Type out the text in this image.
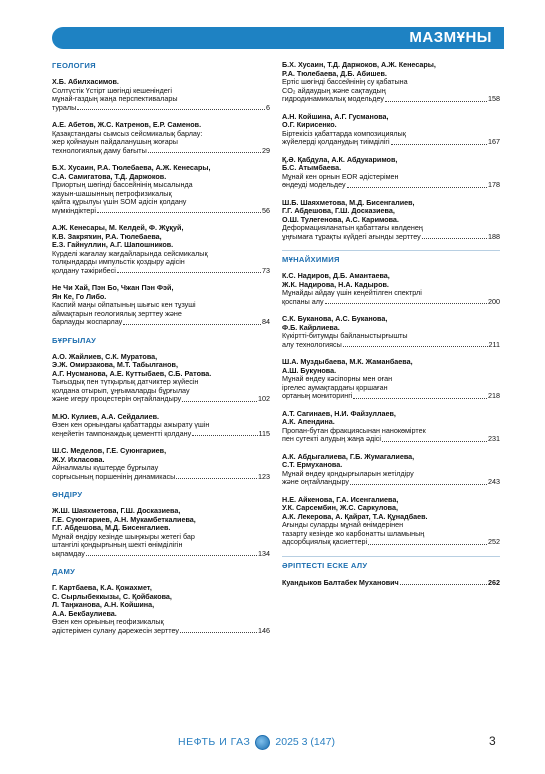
МАЗМҰНЫ
ГЕОЛОГИЯ
Х.Б. Абилхасимов.
Солтүстік Үстірт шөгінді кешеніндегі
мұнай-газдың жаңа перспективалары
туралы	6
А.Е. Абетов, Ж.С. Катренов, Е.Р. Саменов.
Қазақстандағы сымсыз сейсмикалық барлау:
жер қойнауын пайдаланушың жоғары
технологиялық даму бағыты	29
Б.Х. Хусаин, Р.А. Тюлебаева, А.Ж. Кенесары,
С.А. Самигатова, Т.Д. Даржоков.
Приортың шөгінді бассейнінің мысалында
жауын-шашынның петрофизикалық
қайта құрылуы үшін SOM әдісін қолдану
мүмкіндіктері	56
А.Ж. Кенесары, М. Келдей, Ф. Жұқуй,
К.В. Закряҡин, Р.А. Тюлебаева,
Е.З. Гайнуллин, А.Г. Шапошников.
Күрделі жағалау жағдайларында сейсмикалық
толқындарды импульстік қоздыру әдісін
қолдану тәжірибесі	73
Не Чи Хай, Пэн Бо, Чжан Пэн Фэй,
Ян Кe, Го Либо.
Каспий маңы ойпатының шығыс кен тұзуші
аймақтарын геологиялық зерттеу және
барлауды жоспарлау	84
БҰРҒЫЛАУ
А.О. Жайлиев, С.К. Муратова,
Э.Ж. Омирзакова, М.Т. Табылганов,
А.Г. Нусманова, А.Е. Куттыбаев, С.Б. Ратова.
Тығыздық пен түтқырлық датчиктер жүйесін
қолдана отырып, ұңғымаларды бұрғылау
және игеру процестерін оңтайландыру	102
М.Ю. Кулиев, А.А. Сейдалиев.
Өзен кен орнындағы қабаттарды ажырату үшін
кеңейетін тампонаждық цементті қолдану	115
Ш.С. Меделов, Г.Е. Суюнгариев,
Ж.У. Ихласова.
Айналмалы күштерде бұрғылау
сорғысының поршенінің динамикасы	123
ӨНДІРУ
Ж.Ш. Шаяхметова, Г.Ш. Досказиева,
Г.Е. Суюнгариев, А.Н. Мукамбеткалиева,
Г.Г. Абдешова, М.Д. Бисенгалиев.
Мұнай өндіру кезінде шыңжыры жетегі бар
штангілі қондырғының шекті өнімділігін
ықпамдау	134
ДАМУ
Г. Картбаева, К.А. Қожахмет,
С. Сырлыбеккызы, С. Қойбакова,
Л. Таңжанова, А.Н. Койшина,
А.А. Бекбаулиева.
Өзен кен орнының геофизикалық
әдістерімен сулану дәрежесін зерттеу	146
Б.Х. Хусаин, Т.Д. Даржоков, А.Ж. Кенесары,
Р.А. Тюлебаева, Д.Б. Абишев.
Ертіс шөгінді бассейнінің су қабатына
CO₂ айдаудың және сақтаудың
гидродинамикалық модельдеу	158
А.Н. Койшина, А.Г. Гусманова,
О.Г. Кирисенко.
Біртекісіз қабаттарда композициялық
жүйелерді қолданудың тиімділігі	167
Қ.Ә. Қабдула, А.К. Абдукаримов,
Б.С. Атымбаева.
Мұнай кен орнын EOR әдістерімен
өндеуді модельдеу	178
Ш.Б. Шаяхметова, М.Д. Бисенгалиев,
Г.Г. Абдешова, Г.Ш. Досказиева,
О.Ш. Тулегенова, А.С. Каримова.
Деформацияланатын қабаттағы көлденең
ұңғымаға тұрақты күйдегі ағынды зерттеу	188
МҰНАЙХИМИЯ
К.С. Надиров, Д.Б. Амантаева,
Ж.К. Надирова, Н.А. Кадыров.
Мұнайды айдау үшін кеңейтілген спектрлі
қоспаны алу	200
С.К. Буканова, А.С. Буканова,
Ф.Б. Кайрлиева.
Күкіртті-битумды байланыстырғышты
алу технологиясы	211
Ш.А. Муздыбаева, М.К. Жаманбаева,
А.Ш. Букунова.
Мұнай өндеу кәсіпорны мен оған
іргелес аумақтардағы қоршаған
ортаның мониторингі	218
А.Т. Сагинаев, Н.И. Файзуллаев,
А.К. Апендина.
Пропан-бутан фракциясынан нанокөміртек
пен сутекті алудың жаңа әдісі	231
А.К. Абдыгалиева, Г.Б. Жумагалиева,
С.Т. Ермуханова.
Мұнай өндеу қондырғыларын жетілдіру
және оңтайландыру	243
Н.Е. Айкенова, Г.А. Исенгалиева,
У.К. Сарсембин, Ж.С. Саркулова,
А.К. Лекерова, А. Қайрат, Т.А. Құнадбаев.
Ағынды суларды мұнай өнімдерінен
тазарту кезінде жо карбонатты шламының
адсорбциялық қасиеттері	252
ӘРІПТЕСТІ ЕСКЕ АЛУ
Куандыков Балтабек Муханович	262
НЕФТЬ И ГАЗ 2025 3 (147)	3
